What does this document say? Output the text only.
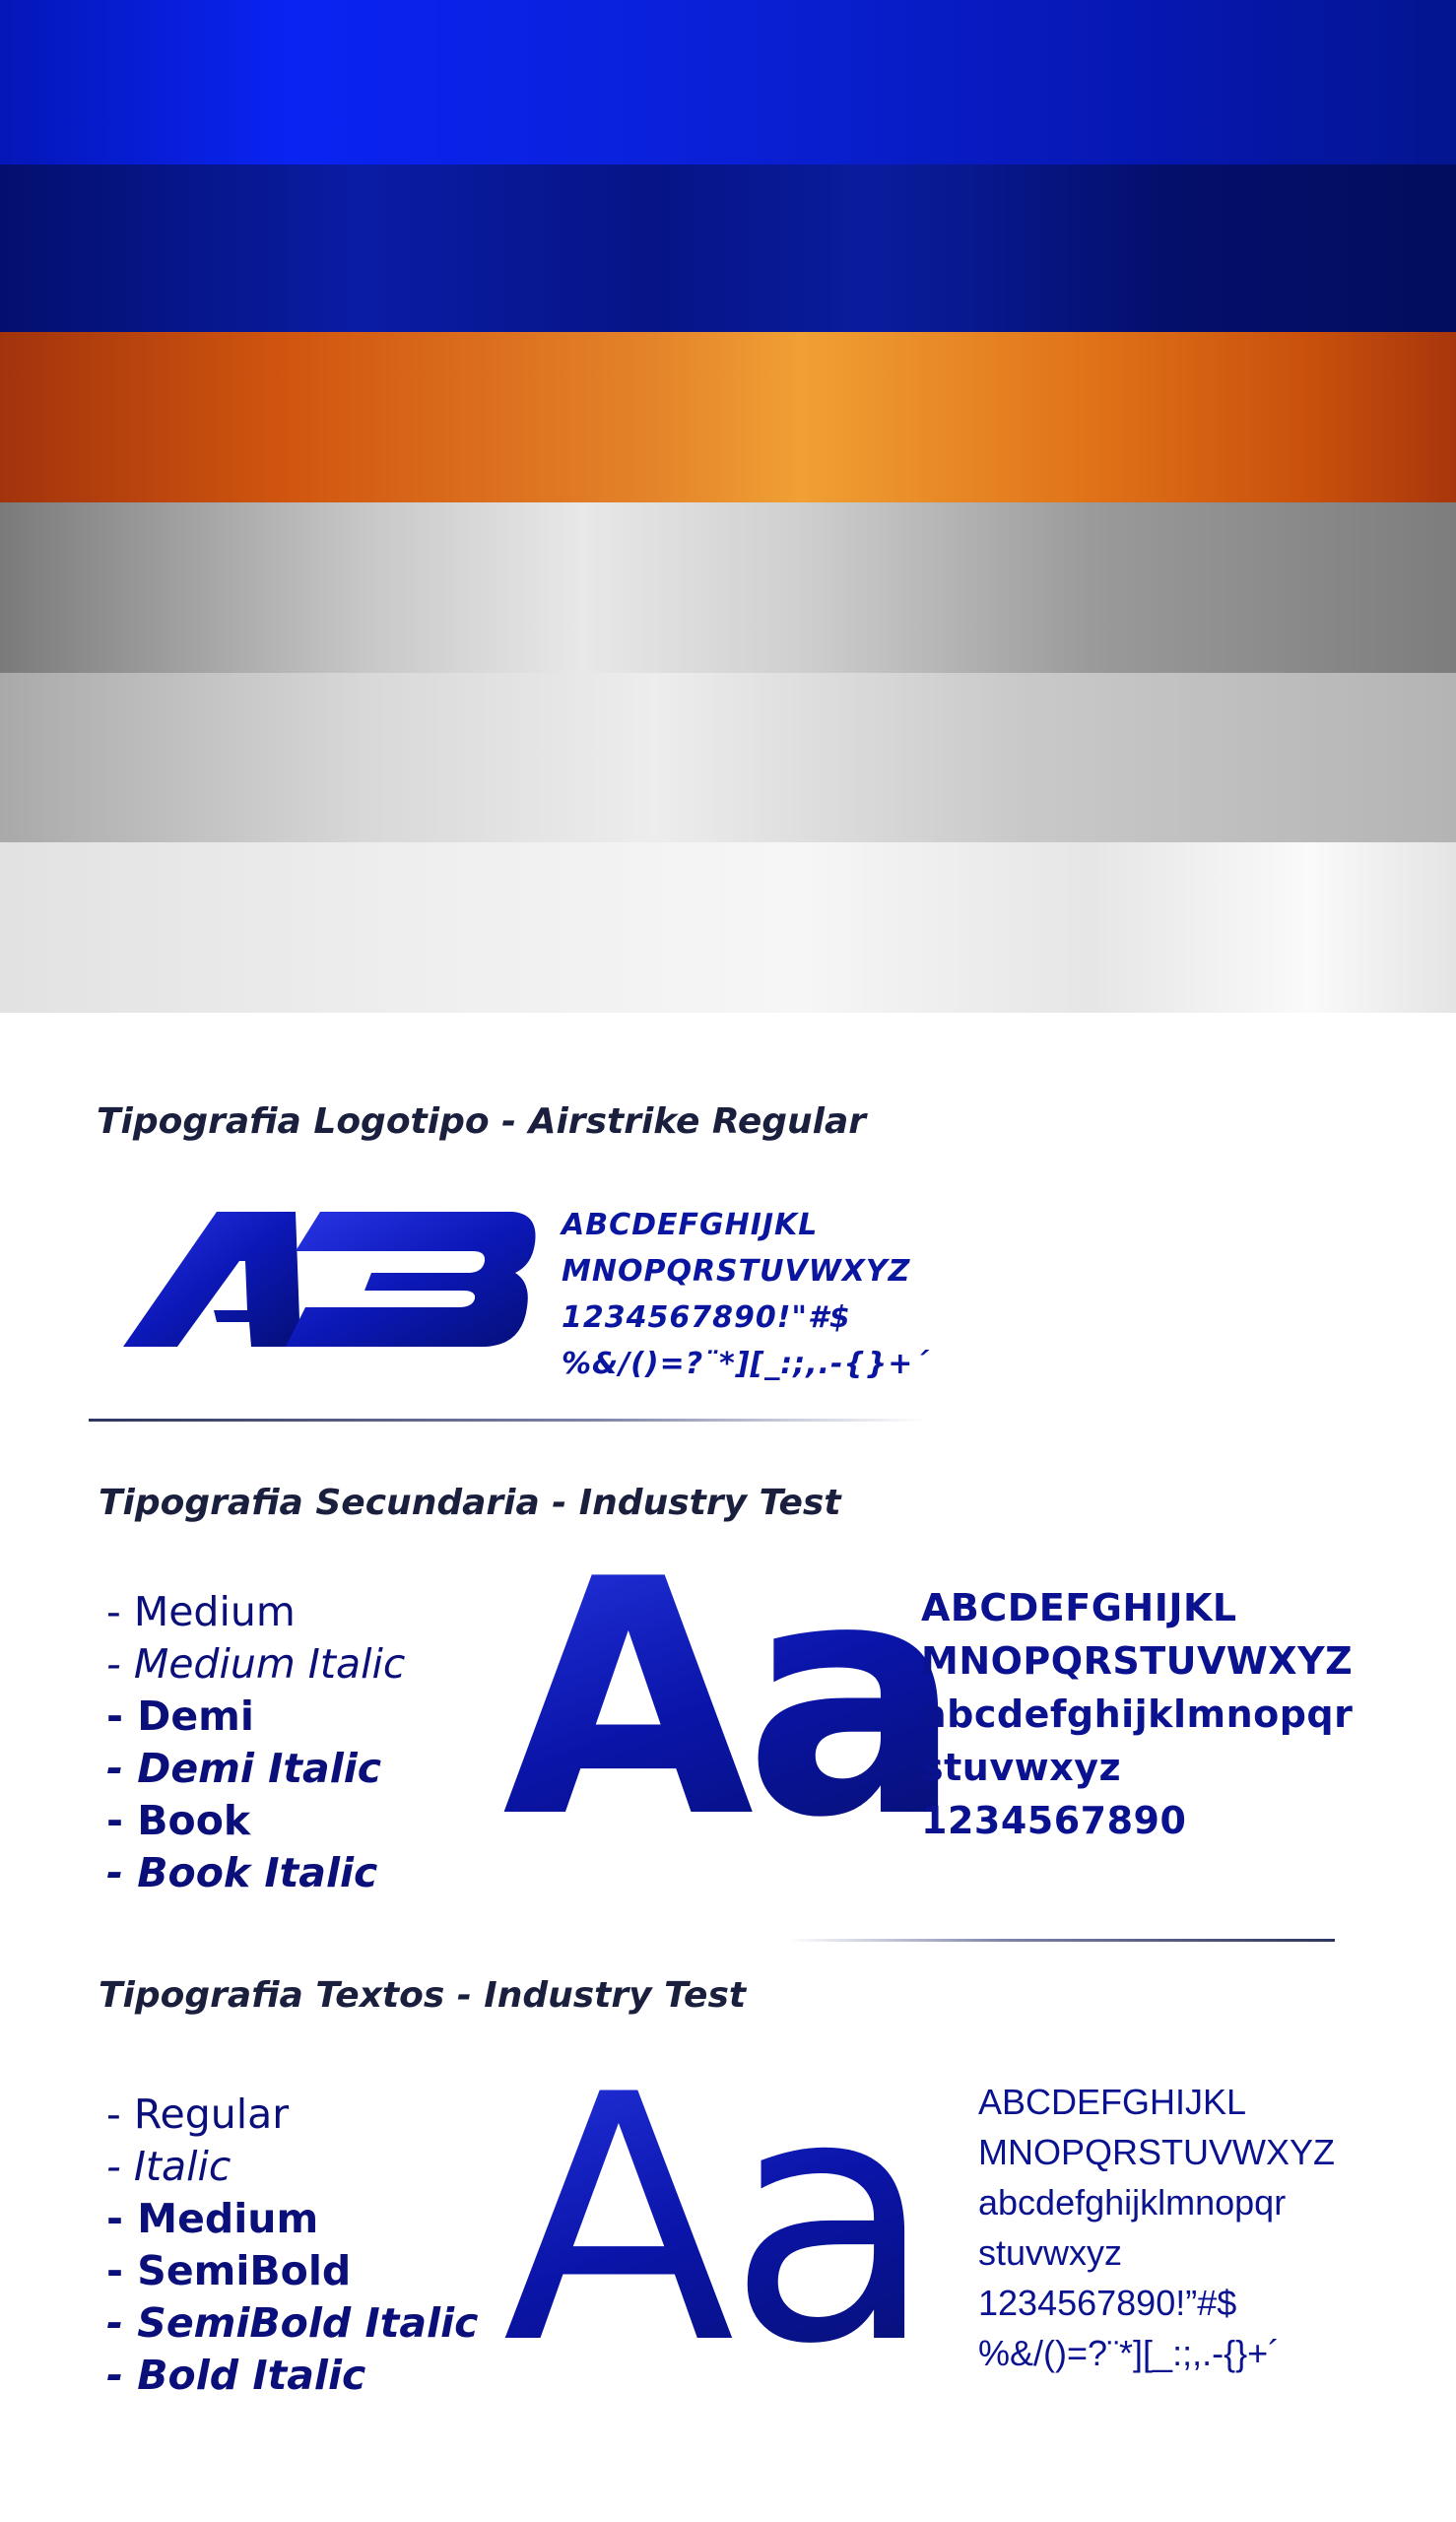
Tipografia Logotipo - Airstrike Regular
ABCDEFGHIJKL
MNOPQRSTUVWXYZ
1234567890!"#$
%&/()=?¨*][_:;,.-{}+´
Tipografia Secundaria - Industry Test
- Medium
- Medium Italic
- Demi
- Demi Italic
- Book
- Book Italic Aa
ABCDEFGHIJKL
MNOPQRSTUVWXYZ
abcdefghijklmnopqr
stuvwxyz
1234567890
Tipografia Textos - Industry Test
- Regular
- Italic
- Medium
- SemiBold
- SemiBold Italic
- Bold Italic Aa ABCDEFGHIJKL
MNOPQRSTUVWXYZ
abcdefghijklmnopqr
stuvwxyz
1234567890!”#$
%&/()=?¨*][_:;,.-{}+´
